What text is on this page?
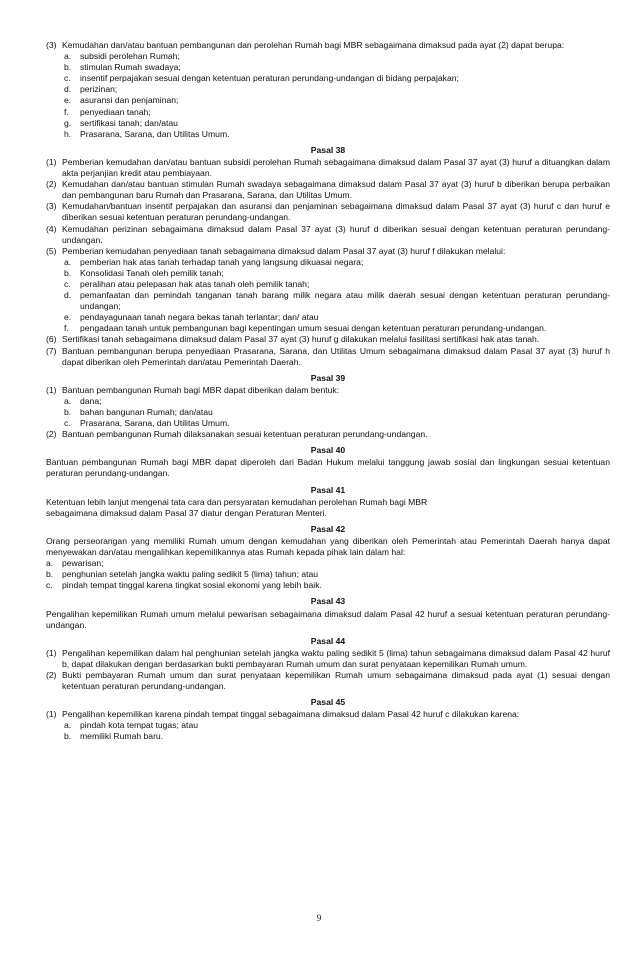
(3) Kemudahan dan/atau bantuan pembangunan dan perolehan Rumah bagi MBR sebagaimana dimaksud pada ayat (2) dapat berupa:
a.	subsidi perolehan Rumah;
b.	stimulan Rumah swadaya;
c.	insentif perpajakan sesuai dengan ketentuan peraturan perundang-undangan di bidang perpajakan;
d.	perizinan;
e.	asuransi dan penjaminan;
f.	penyediaan tanah;
g.	sertifikasi tanah; dan/atau
h.	Prasarana, Sarana, dan Utilitas Umum.
Pasal 38
(1) Pemberian kemudahan dan/atau bantuan subsidi perolehan Rumah sebagaimana dimaksud dalam Pasal 37 ayat (3) huruf a dituangkan dalam akta perjanjian kredit atau pembiayaan.
(2) Kemudahan dan/atau bantuan stimulan Rumah swadaya sebagaimana dimaksud dalam Pasal 37 ayat (3) huruf b diberikan berupa perbaikan dan pembangunan baru Rumah dan Prasarana, Sarana, dan Utilitas Umum.
(3) Kemudahan/bantuan insentif perpajakan dan asuransi dan penjaminan sebagaimana dimaksud dalam Pasal 37 ayat (3) huruf c dan huruf e diberikan sesuai ketentuan peraturan perundang-undangan.
(4) Kemudahan perizinan sebagaimana dimaksud dalam Pasal 37 ayat (3) huruf d diberikan sesuai dengan ketentuan peraturan perundang-undangan.
(5) Pemberian kemudahan penyediaan tanah sebagaimana dimaksud dalam Pasal 37 ayat (3) huruf f dilakukan melalui:
a.	pemberian hak atas tanah terhadap tanah yang langsung dikuasai negara;
b.	Konsolidasi Tanah oleh pemilik tanah;
c.	peralihan atau pelepasan hak atas tanah oleh pemilik tanah;
d.	pemanfaatan dan pemindah tanganan tanah barang milik negara atau milik daerah sesuai dengan ketentuan peraturan perundang-undangan;
e.	pendayagunaan tanah negara bekas tanah terlantar; dan/ atau
f.	pengadaan tanah untuk pembangunan bagi kepentingan umum sesuai dengan ketentuan peraturan perundang-undangan.
(6) Sertifikasi tanah sebagaimana dimaksud dalam Pasal 37 ayat (3) huruf g dilakukan melalui fasilitasi sertifikasi hak atas tanah.
(7) Bantuan pembangunan berupa penyediaan Prasarana, Sarana, dan Utilitas Umum sebagaimana dimaksud dalam Pasal 37 ayat (3) huruf h dapat diberikan oleh Pemerintah dan/atau Pemerintah Daerah.
Pasal 39
(1) Bantuan pembangunan Rumah bagi MBR dapat diberikan dalam bentuk:
a.	dana;
b.	bahan bangunan Rumah; dan/atau
c.	Prasarana, Sarana, dan Utilitas Umum.
(2) Bantuan pembangunan Rumah dilaksanakan sesuai ketentuan peraturan perundang-undangan.
Pasal 40
Bantuan pembangunan Rumah bagi MBR dapat diperoleh dari Badan Hukum melalui tanggung jawab sosial dan lingkungan sesuai ketentuan peraturan perundang-undangan.
Pasal 41
Ketentuan lebih lanjut mengenai tata cara dan persyaratan kemudahan perolehan Rumah bagi MBR
sebagaimana dimaksud dalam Pasal 37 diatur dengan Peraturan Menteri.
Pasal 42
Orang perseorangan yang memiliki Rumah umum dengan kemudahan yang diberikan oleh Pemerintah atau Pemerintah Daerah hanya dapat menyewakan dan/atau mengalihkan kepemilikannya atas Rumah kepada pihak lain dalam hal:
a.	pewarisan;
b.	penghunian setelah jangka waktu paling sedikit 5 (lima) tahun; atau
c.	pindah tempat tinggal karena tingkat sosial ekonomi yang lebih baik.
Pasal 43
Pengalihan kepemilikan Rumah umum melalui pewarisan sebagaimana dimaksud dalam Pasal 42 huruf a sesuai ketentuan peraturan perundang-undangan.
Pasal 44
(1) Pengalihan kepemilikan dalam hal penghunian setelah jangka waktu paling sedikit 5 (lima) tahun sebagaimana dimaksud dalam Pasal 42 huruf b, dapat dilakukan dengan berdasarkan bukti pembayaran Rumah umum dan surat penyataan kepemilikan Rumah umum.
(2) Bukti pembayaran Rumah umum dan surat penyataan kepemilikan Rumah umum sebagaimana dimaksud pada ayat (1) sesuai dengan ketentuan peraturan perundang-undangan.
Pasal 45
(1) Pengalihan kepemilikan karena pindah tempat tinggal sebagaimana dimaksud dalam Pasal 42 huruf c dilakukan karena:
a.	pindah kota tempat tugas; atau
b.	memiliki Rumah baru.
9
